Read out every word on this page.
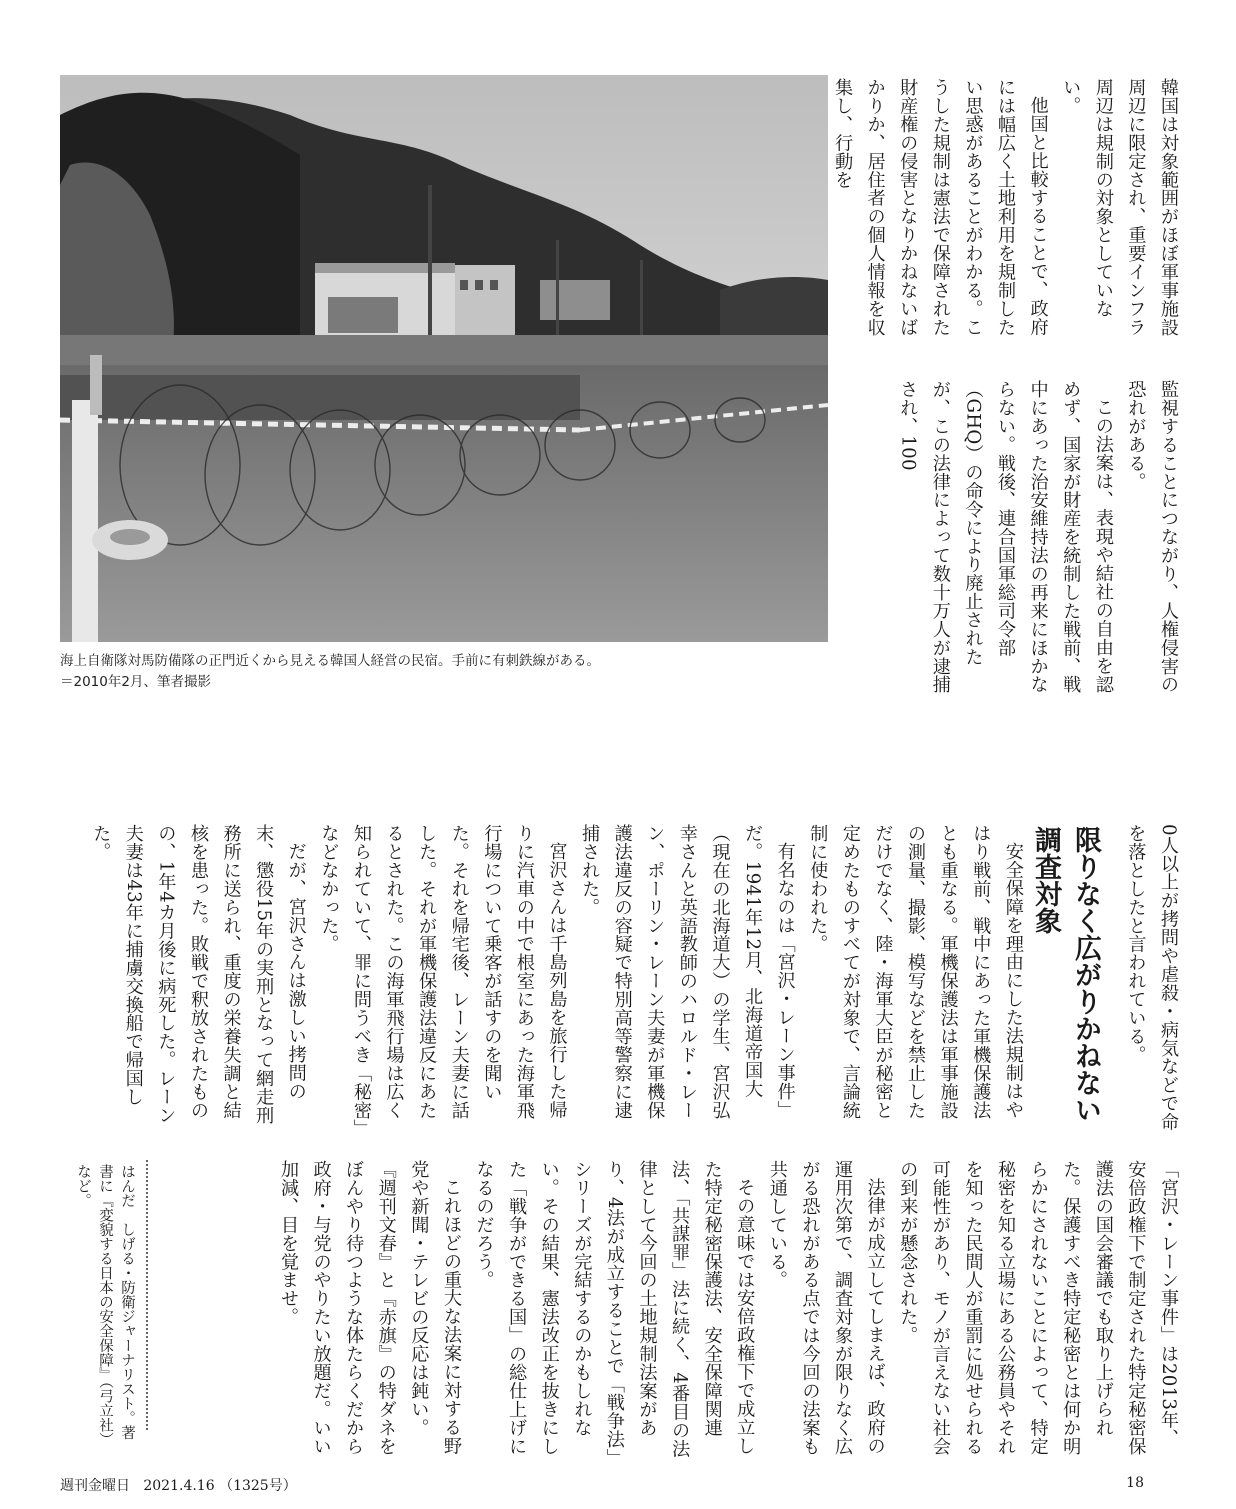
海上自衛隊対馬防備隊の正門近くから見える韓国人経営の民宿。手前に有刺鉄線がある。
＝2010年2月、筆者撮影

韓国は対象範囲がほぼ軍事施設周辺に限定され、重要インフラ周辺は規制の対象としていない。

他国と比較することで、政府には幅広く土地利用を規制したい思惑があることがわかる。こうした規制は憲法で保障された財産権の侵害となりかねないばかりか、居住者の個人情報を収集し、行動を

監視することにつながり、人権侵害の恐れがある。

この法案は、表現や結社の自由を認めず、国家が財産を統制した戦前、戦中にあった治安維持法の再来にほかならない。戦後、連合国軍総司令部（GHQ）の命令により廃止されたが、この法律によって数十万人が逮捕され、100

0人以上が拷問や虐殺・病気などで命を落としたと言われている。

安全保障を理由にした法規制はやはり戦前、戦中にあった軍機保護法とも重なる。軍機保護法は軍事施設の測量、撮影、模写などを禁止しただけでなく、陸・海軍大臣が秘密と定めたものすべてが対象で、言論統制に使われた。

有名なのは「宮沢・レーン事件」だ。1941年12月、北海道帝国大（現在の北海道大）の学生、宮沢弘幸さんと英語教師のハロルド・レーン、ポーリン・レーン夫妻が軍機保護法違反の容疑で特別高等警察に逮捕された。

宮沢さんは千島列島を旅行した帰りに汽車の中で根室にあった海軍飛行場について乗客が話すのを聞いた。それを帰宅後、レーン夫妻に話した。それが軍機保護法違反にあたるとされた。この海軍飛行場は広く知られていて、罪に問うべき「秘密」などなかった。

だが、宮沢さんは激しい拷問の末、懲役15年の実刑となって網走刑務所に送られ、重度の栄養失調と結核を患った。敗戦で釈放されたものの、1年4カ月後に病死した。レーン夫妻は43年に捕虜交換船で帰国した。	限りなく広がりかねない
調査対象

「宮沢・レーン事件」は2013年、安倍政権下で制定された特定秘密保護法の国会審議でも取り上げられた。保護すべき特定秘密とは何か明らかにされないことによって、特定秘密を知る立場にある公務員やそれを知った民間人が重罰に処せられる可能性があり、モノが言えない社会の到来が懸念された。

法律が成立してしまえば、政府の運用次第で、調査対象が限りなく広がる恐れがある点では今回の法案も共通している。

その意味では安倍政権下で成立した特定秘密保護法、安全保障関連法、「共謀罪」法に続く、4番目の法律として今回の土地規制法案があり、4法が成立することで「戦争法」シリーズが完結するのかもしれない。その結果、憲法改正を抜きにした「戦争ができる国」の総仕上げになるのだろう。

これほどの重大な法案に対する野党や新聞・テレビの反応は鈍い。『週刊文春』と『赤旗』の特ダネをぼんやり待つような体たらくだから政府・与党のやりたい放題だ。いい加減、目を覚ませ。

はんだ　しげる・防衛ジャーナリスト。著

書に『変貌する日本の安全保障』（弓立社）

など。

週刊金曜日 2021.4.16 （1325号）	18
